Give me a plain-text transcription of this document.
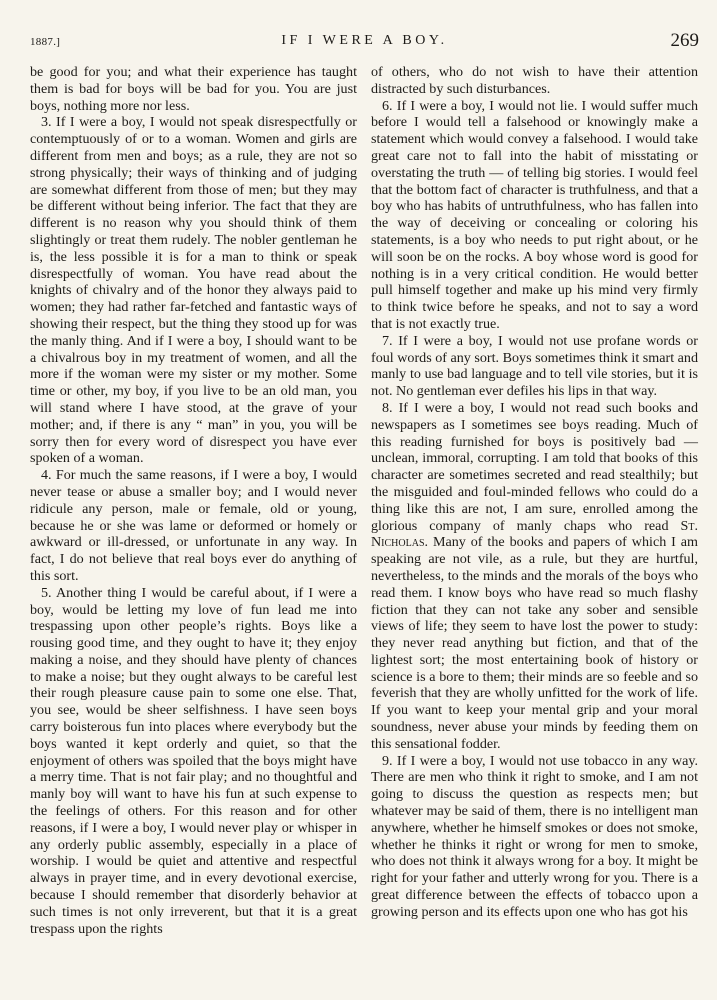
1887.]	IF I WERE A BOY.	269

be good for you; and what their experience has taught them is bad for boys will be bad for you. You are just boys, nothing more nor less.

3. If I were a boy, I would not speak disrespectfully or contemptuously of or to a woman. Women and girls are different from men and boys; as a rule, they are not so strong physically; their ways of thinking and of judging are somewhat different from those of men; but they may be different without being inferior. The fact that they are different is no reason why you should think of them slightingly or treat them rudely. The nobler gentleman he is, the less possible it is for a man to think or speak disrespectfully of woman. You have read about the knights of chivalry and of the honor they always paid to women; they had rather far-fetched and fantastic ways of showing their respect, but the thing they stood up for was the manly thing. And if I were a boy, I should want to be a chivalrous boy in my treatment of women, and all the more if the woman were my sister or my mother. Some time or other, my boy, if you live to be an old man, you will stand where I have stood, at the grave of your mother; and, if there is any “ man” in you, you will be sorry then for every word of disrespect you have ever spoken of a woman.

4. For much the same reasons, if I were a boy, I would never tease or abuse a smaller boy; and I would never ridicule any person, male or female, old or young, because he or she was lame or deformed or homely or awkward or ill-dressed, or unfortunate in any way. In fact, I do not believe that real boys ever do anything of this sort.

5. Another thing I would be careful about, if I were a boy, would be letting my love of fun lead me into trespassing upon other people’s rights. Boys like a rousing good time, and they ought to have it; they enjoy making a noise, and they should have plenty of chances to make a noise; but they ought always to be careful lest their rough pleasure cause pain to some one else. That, you see, would be sheer selfishness. I have seen boys carry boisterous fun into places where everybody but the boys wanted it kept orderly and quiet, so that the enjoyment of others was spoiled that the boys might have a merry time. That is not fair play; and no thoughtful and manly boy will want to have his fun at such expense to the feelings of others. For this reason and for other reasons, if I were a boy, I would never play or whisper in any orderly public assembly, especially in a place of worship. I would be quiet and attentive and respectful always in prayer time, and in every devotional exercise, because I should remember that disorderly behavior at such times is not only irreverent, but that it is a great trespass upon the rights

of others, who do not wish to have their attention distracted by such disturbances.

6. If I were a boy, I would not lie. I would suffer much before I would tell a falsehood or knowingly make a statement which would convey a falsehood. I would take great care not to fall into the habit of misstating or overstating the truth — of telling big stories. I would feel that the bottom fact of character is truthfulness, and that a boy who has habits of untruthfulness, who has fallen into the way of deceiving or concealing or coloring his statements, is a boy who needs to put right about, or he will soon be on the rocks. A boy whose word is good for nothing is in a very critical condition. He would better pull himself together and make up his mind very firmly to think twice before he speaks, and not to say a word that is not exactly true.

7. If I were a boy, I would not use profane words or foul words of any sort. Boys sometimes think it smart and manly to use bad language and to tell vile stories, but it is not. No gentleman ever defiles his lips in that way.

8. If I were a boy, I would not read such books and newspapers as I sometimes see boys reading. Much of this reading furnished for boys is positively bad — unclean, immoral, corrupting. I am told that books of this character are sometimes secreted and read stealthily; but the misguided and foul-minded fellows who could do a thing like this are not, I am sure, enrolled among the glorious company of manly chaps who read St. Nicholas. Many of the books and papers of which I am speaking are not vile, as a rule, but they are hurtful, nevertheless, to the minds and the morals of the boys who read them. I know boys who have read so much flashy fiction that they can not take any sober and sensible views of life; they seem to have lost the power to study: they never read anything but fiction, and that of the lightest sort; the most entertaining book of history or science is a bore to them; their minds are so feeble and so feverish that they are wholly unfitted for the work of life. If you want to keep your mental grip and your moral soundness, never abuse your minds by feeding them on this sensational fodder.

9. If I were a boy, I would not use tobacco in any way. There are men who think it right to smoke, and I am not going to discuss the question as respects men; but whatever may be said of them, there is no intelligent man anywhere, whether he himself smokes or does not smoke, whether he thinks it right or wrong for men to smoke, who does not think it always wrong for a boy. It might be right for your father and utterly wrong for you. There is a great difference between the effects of tobacco upon a growing person and its effects upon one who has got his
